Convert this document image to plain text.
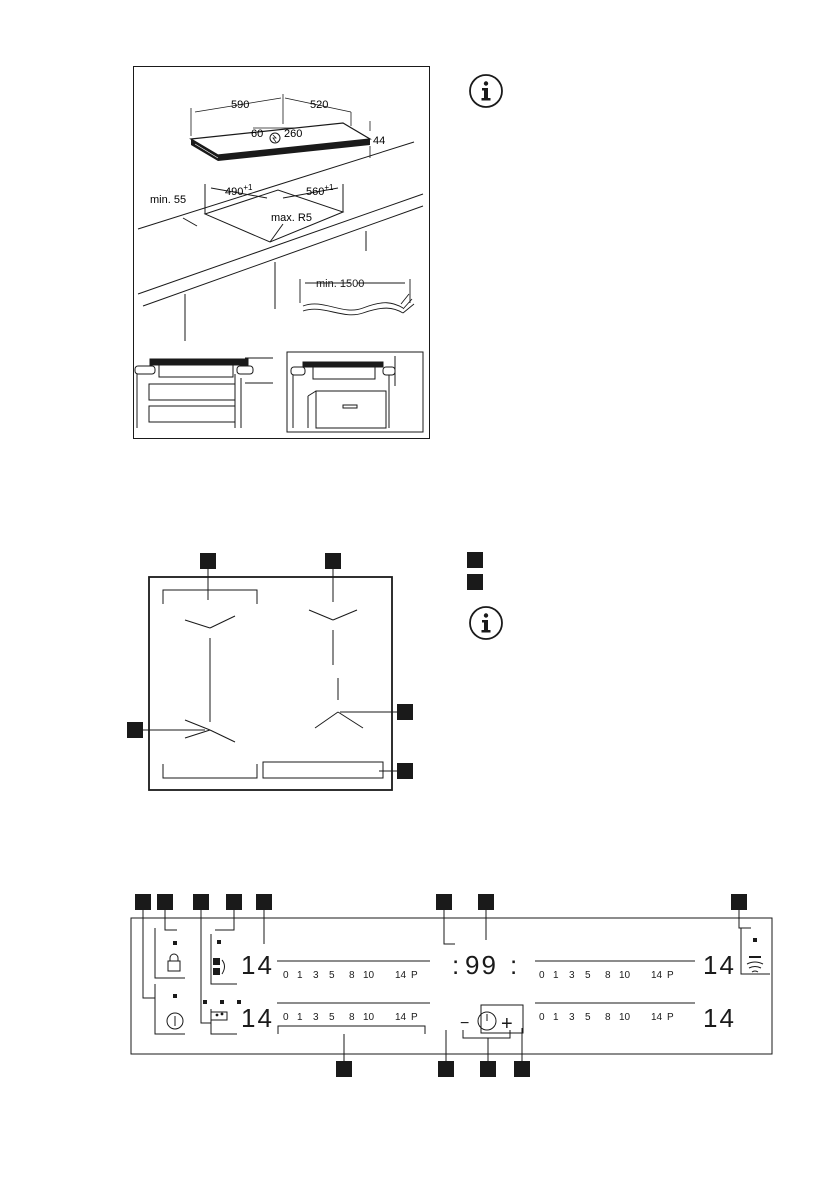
590	520
60 260
44
$490^{+1}$	$560^{+1}$
min. 55
max. R5
min. 1500
14
14
14
14
: 99 :
0 1 3 5 8 10 14 P
0 1 3 5 8 10 14 P
0 1 3 5 8 10 14 P
0 1 3 5 8 10 14 P
− +
